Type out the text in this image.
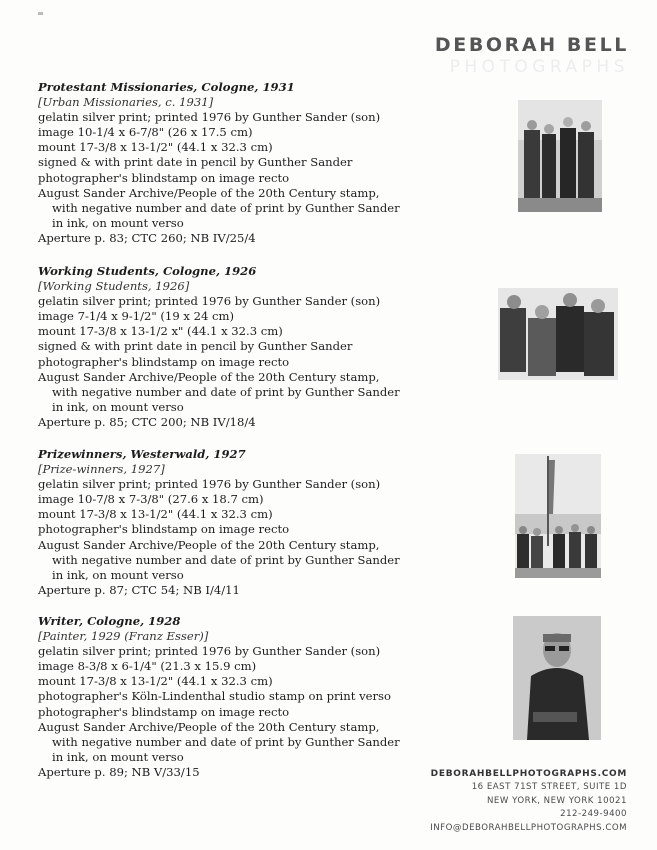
DEBORAH BELL
PHOTOGRAPHS
Protestant Missionaries, Cologne, 1931
[Urban Missionaries, c. 1931]
gelatin silver print; printed 1976 by Gunther Sander (son)
image 10-1/4 x 6-7/8" (26 x 17.5 cm)
mount 17-3/8 x 13-1/2" (44.1 x 32.3 cm)
signed & with print date in pencil by Gunther Sander
photographer's blindstamp on image recto
August Sander Archive/People of the 20th Century stamp,
with negative number and date of print by Gunther Sander
in ink, on mount verso
Aperture p. 83; CTC 260; NB IV/25/4
Working Students, Cologne, 1926
[Working Students, 1926]
gelatin silver print; printed 1976 by Gunther Sander (son)
image 7-1/4 x 9-1/2" (19 x 24 cm)
mount 17-3/8 x 13-1/2 x" (44.1 x 32.3 cm)
signed & with print date in pencil by Gunther Sander
photographer's blindstamp on image recto
August Sander Archive/People of the 20th Century stamp,
with negative number and date of print by Gunther Sander
in ink, on mount verso
Aperture p. 85; CTC 200; NB IV/18/4
Prizewinners, Westerwald, 1927
[Prize-winners, 1927]
gelatin silver print; printed 1976 by Gunther Sander (son)
image 10-7/8 x 7-3/8" (27.6 x 18.7 cm)
mount 17-3/8 x 13-1/2" (44.1 x 32.3 cm)
photographer's blindstamp on image recto
August Sander Archive/People of the 20th Century stamp,
with negative number and date of print by Gunther Sander
in ink, on mount verso
Aperture p. 87; CTC 54; NB I/4/11
Writer, Cologne, 1928
[Painter, 1929 (Franz Esser)]
gelatin silver print; printed 1976 by Gunther Sander (son)
image 8-3/8 x 6-1/4" (21.3 x 15.9 cm)
mount 17-3/8 x 13-1/2" (44.1 x 32.3 cm)
photographer's Köln-Lindenthal studio stamp on print verso
photographer's blindstamp on image recto
August Sander Archive/People of the 20th Century stamp,
with negative number and date of print by Gunther Sander
in ink, on mount verso
Aperture p. 89; NB V/33/15	DEBORAHBELLPHOTOGRAPHS.COM
16 EAST 71ST STREET, SUITE 1D
NEW YORK, NEW YORK 10021
212-249-9400
INFO@DEBORAHBELLPHOTOGRAPHS.COM
